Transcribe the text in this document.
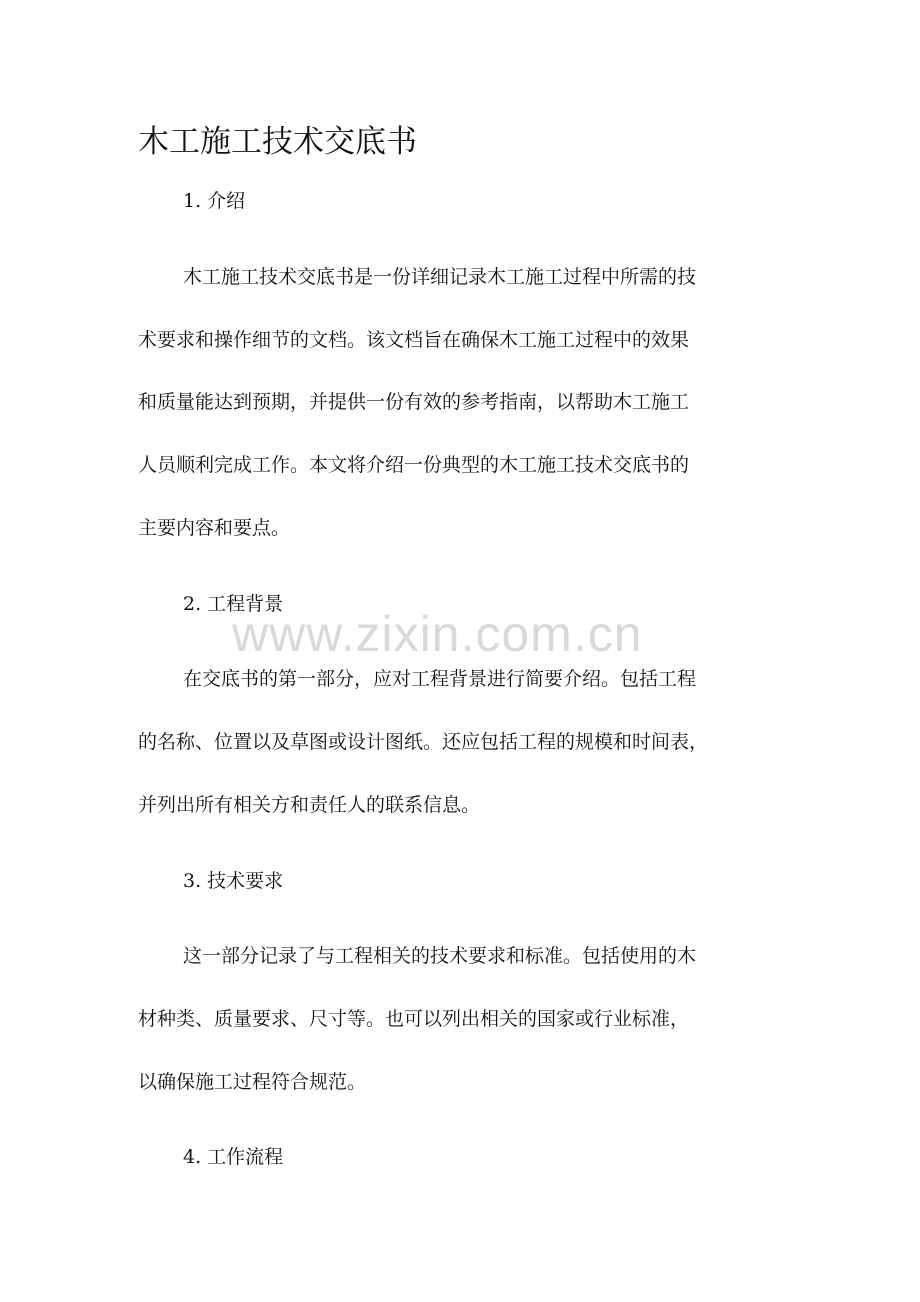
木工施工技术交底书
www.zixin.com.cn
1. 介绍
木工施工技术交底书是一份详细记录木工施工过程中所需的技
术要求和操作细节的文档。该文档旨在确保木工施工过程中的效果
和质量能达到预期，并提供一份有效的参考指南，以帮助木工施工
人员顺利完成工作。本文将介绍一份典型的木工施工技术交底书的
主要内容和要点。
2. 工程背景
在交底书的第一部分，应对工程背景进行简要介绍。包括工程
的名称、位置以及草图或设计图纸。还应包括工程的规模和时间表，
并列出所有相关方和责任人的联系信息。
3. 技术要求
这一部分记录了与工程相关的技术要求和标准。包括使用的木
材种类、质量要求、尺寸等。也可以列出相关的国家或行业标准，
以确保施工过程符合规范。
4. 工作流程
